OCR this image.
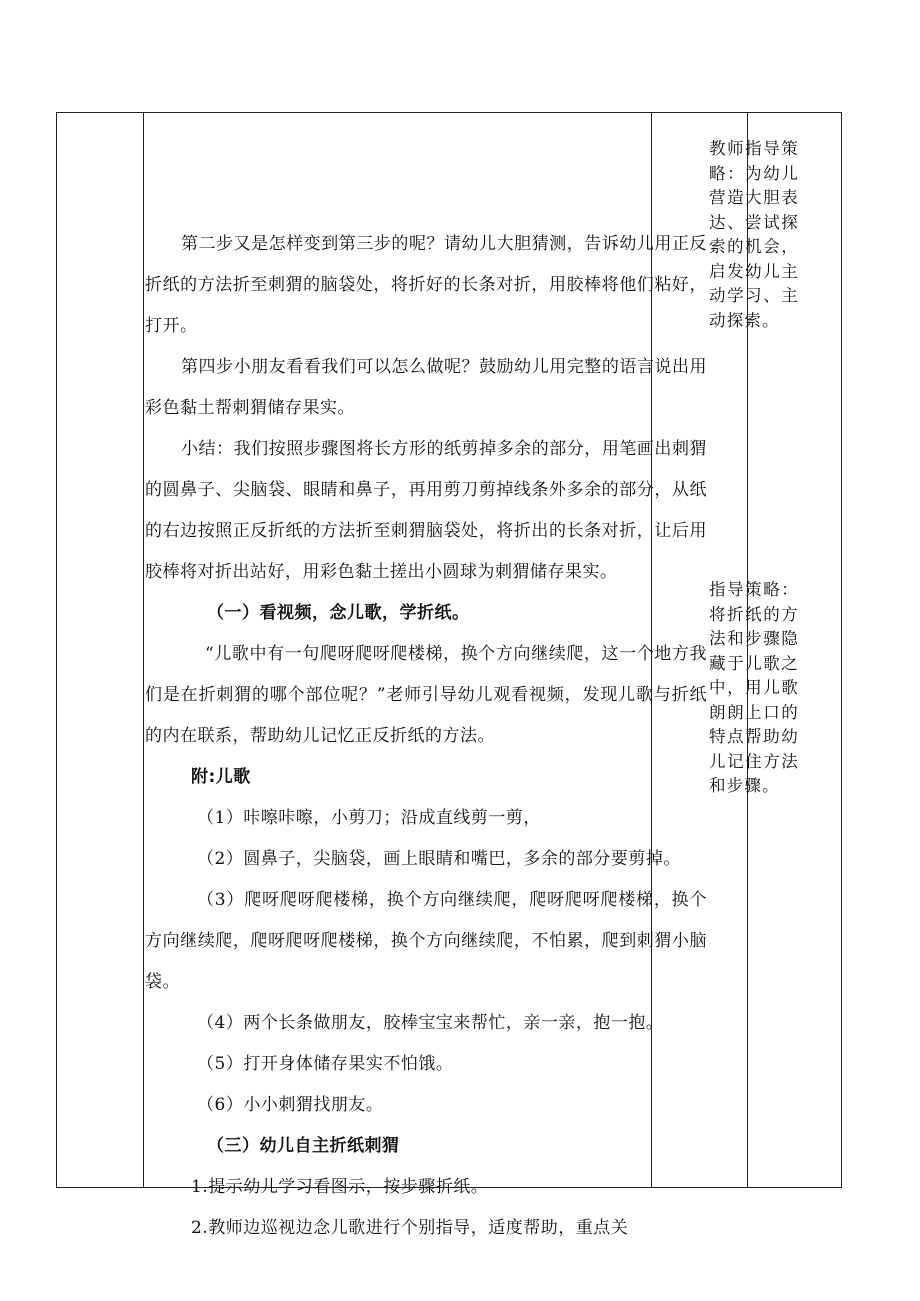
第二步又是怎样变到第三步的呢？请幼儿大胆猜测，告诉幼儿用正反折纸的方法折至刺猬的脑袋处，将折好的长条对折，用胶棒将他们粘好，打开。

第四步小朋友看看我们可以怎么做呢？鼓励幼儿用完整的语言说出用彩色黏土帮刺猬储存果实。

小结：我们按照步骤图将长方形的纸剪掉多余的部分，用笔画出刺猬的圆鼻子、尖脑袋、眼睛和鼻子，再用剪刀剪掉线条外多余的部分，从纸的右边按照正反折纸的方法折至刺猬脑袋处，将折出的长条对折，让后用胶棒将对折出站好，用彩色黏土搓出小圆球为刺猬储存果实。

（一）看视频，念儿歌，学折纸。

“儿歌中有一句爬呀爬呀爬楼梯，换个方向继续爬，这一个地方我们是在折刺猬的哪个部位呢？”老师引导幼儿观看视频，发现儿歌与折纸的内在联系，帮助幼儿记忆正反折纸的方法。

附:儿歌

（1）咔嚓咔嚓，小剪刀；沿成直线剪一剪，

（2）圆鼻子，尖脑袋，画上眼睛和嘴巴，多余的部分要剪掉。

（3）爬呀爬呀爬楼梯，换个方向继续爬，爬呀爬呀爬楼梯，换个方向继续爬，爬呀爬呀爬楼梯，换个方向继续爬，不怕累，爬到刺猬小脑袋。

（4）两个长条做朋友，胶棒宝宝来帮忙，亲一亲，抱一抱。

（5）打开身体储存果实不怕饿。

（6）小小刺猬找朋友。

（三）幼儿自主折纸刺猬

1.提示幼儿学习看图示，按步骤折纸。

2.教师边巡视边念儿歌进行个别指导，适度帮助，重点关

教师指导策略：为幼儿营造大胆表达、尝试探索的机会，启发幼儿主动学习、主动探索。

指导策略：将折纸的方法和步骤隐藏于儿歌之中，用儿歌朗朗上口的特点帮助幼儿记住方法和步骤。
